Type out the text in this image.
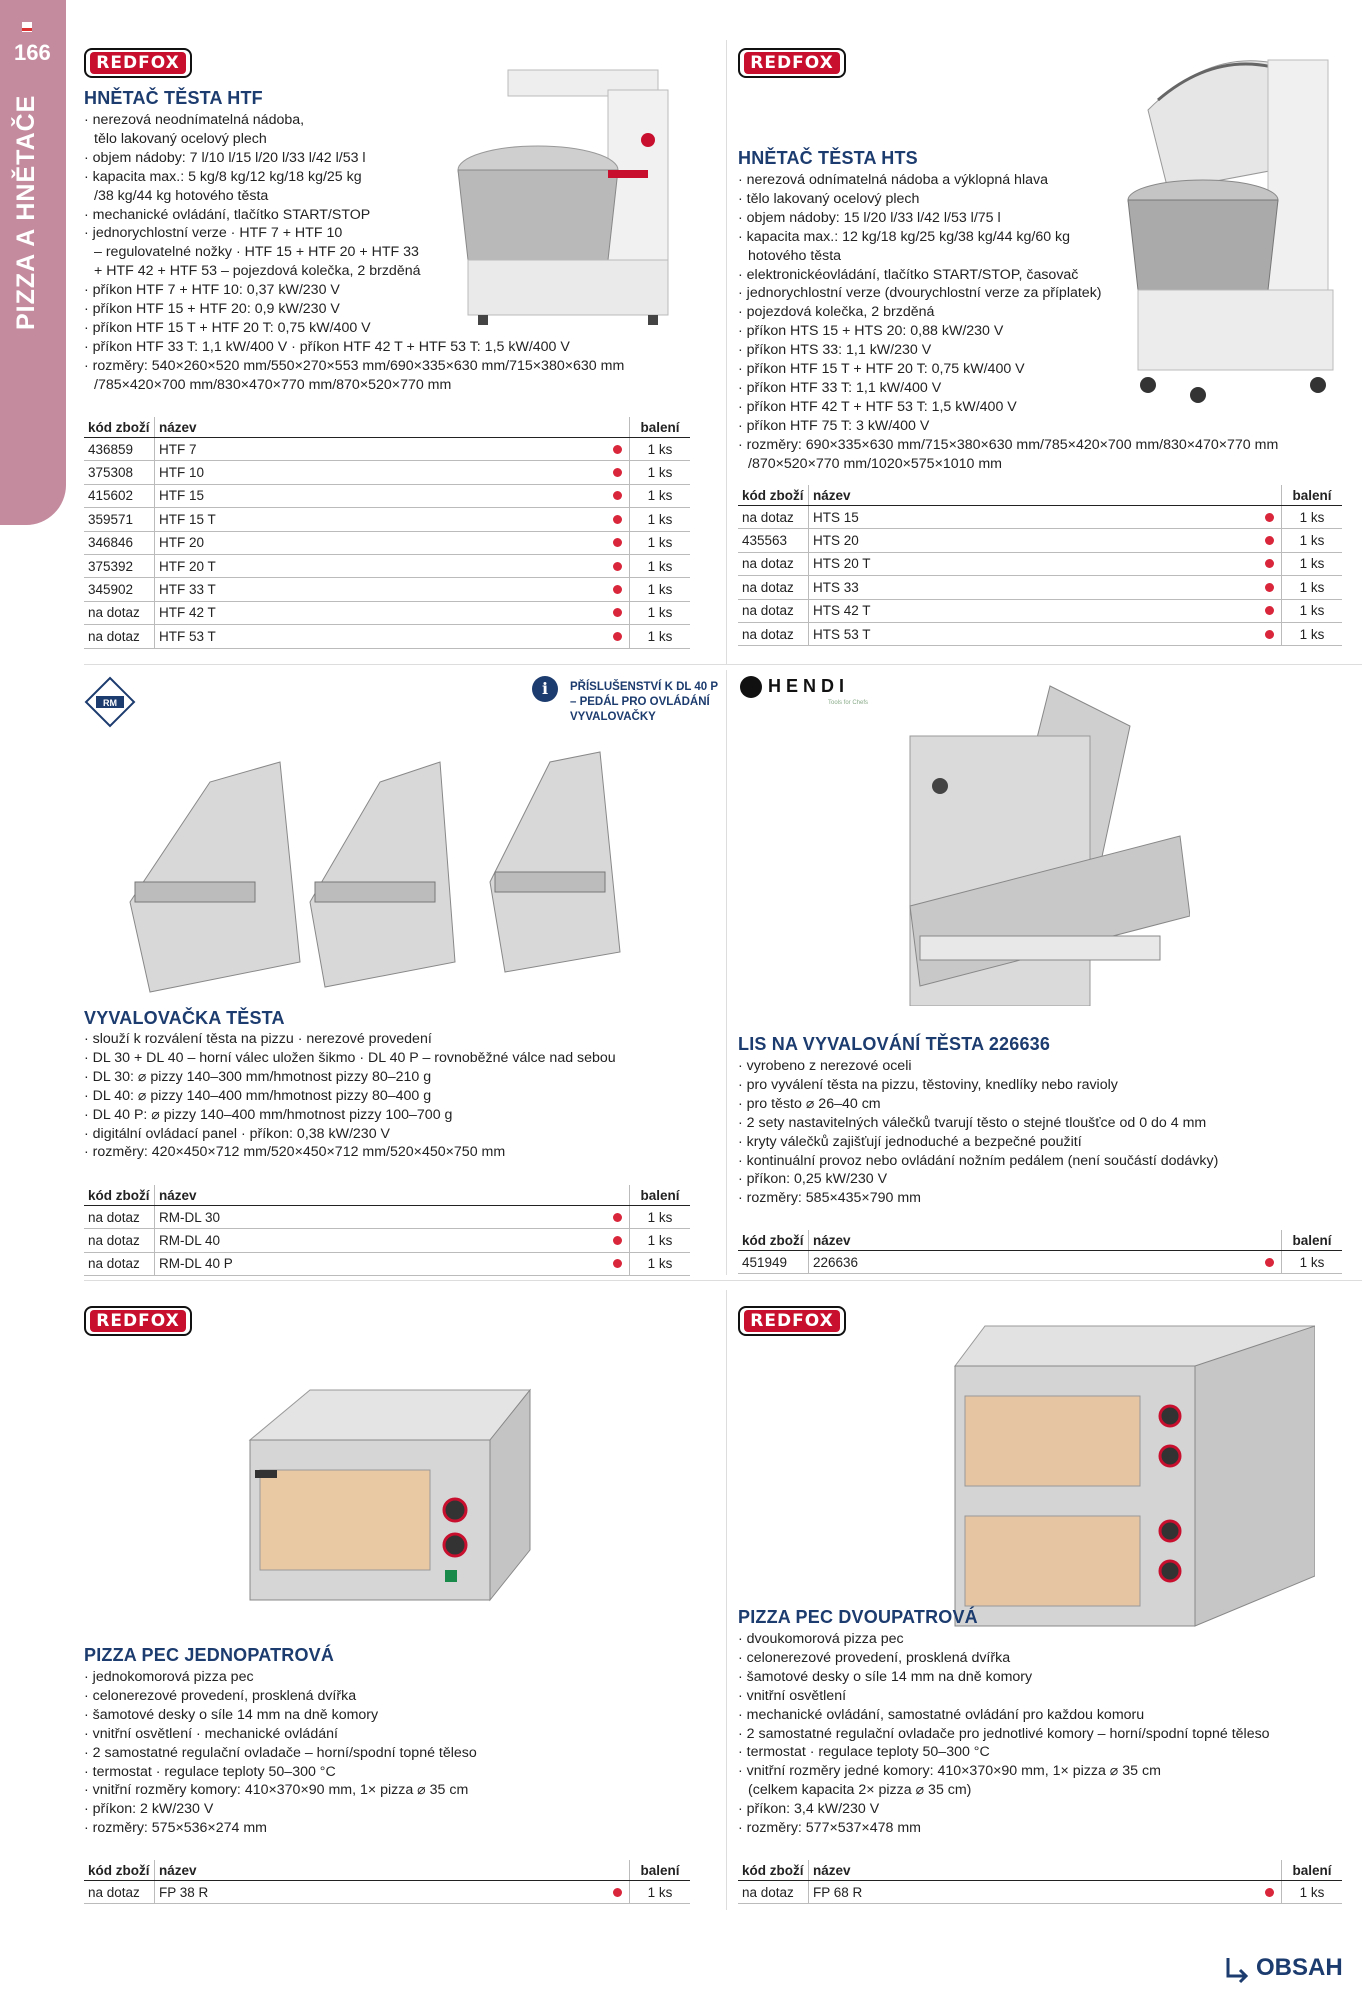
166
PIZZA A HNĚTAČE
REDFOX
HNĚTAČ TĚSTA HTF
· nerezová neodnímatelná nádoba,
tělo lakovaný ocelový plech
· objem nádoby: 7 l/10 l/15 l/20 l/33 l/42 l/53 l
· kapacita max.: 5 kg/8 kg/12 kg/18 kg/25 kg
/38 kg/44 kg hotového těsta
· mechanické ovládání, tlačítko START/STOP
· jednorychlostní verze · HTF 7 + HTF 10
– regulovatelné nožky · HTF 15 + HTF 20 + HTF 33
+ HTF 42 + HTF 53 – pojezdová kolečka, 2 brzděná
· příkon HTF 7 + HTF 10: 0,37 kW/230 V
· příkon HTF 15 + HTF 20: 0,9 kW/230 V
· příkon HTF 15 T + HTF 20 T: 0,75 kW/400 V
· příkon HTF 33 T: 1,1 kW/400 V · příkon HTF 42 T + HTF 53 T: 1,5 kW/400 V
· rozměry: 540×260×520 mm/550×270×553 mm/690×335×630 mm/715×380×630 mm
/785×420×700 mm/830×470×770 mm/870×520×770 mm
kód zboží	název		balení
436859	HTF 7		1 ks
375308	HTF 10		1 ks
415602	HTF 15		1 ks
359571	HTF 15 T		1 ks
346846	HTF 20		1 ks
375392	HTF 20 T		1 ks
345902	HTF 33 T		1 ks
na dotaz	HTF 42 T		1 ks
na dotaz	HTF 53 T		1 ks
REDFOX
HNĚTAČ TĚSTA HTS
· nerezová odnímatelná nádoba a výklopná hlava
· tělo lakovaný ocelový plech
· objem nádoby: 15 l/20 l/33 l/42 l/53 l/75 l
· kapacita max.: 12 kg/18 kg/25 kg/38 kg/44 kg/60 kg
hotového těsta
· elektronickéovládání, tlačítko START/STOP, časovač
· jednorychlostní verze (dvourychlostní verze za příplatek)
· pojezdová kolečka, 2 brzděná
· příkon HTS 15 + HTS 20: 0,88 kW/230 V
· příkon HTS 33: 1,1 kW/230 V
· příkon HTF 15 T + HTF 20 T: 0,75 kW/400 V
· příkon HTF 33 T: 1,1 kW/400 V
· příkon HTF 42 T + HTF 53 T: 1,5 kW/400 V
· příkon HTF 75 T: 3 kW/400 V
· rozměry: 690×335×630 mm/715×380×630 mm/785×420×700 mm/830×470×770 mm
/870×520×770 mm/1020×575×1010 mm
kód zboží	název		balení
na dotaz	HTS 15		1 ks
435563	HTS 20		1 ks
na dotaz	HTS 20 T		1 ks
na dotaz	HTS 33		1 ks
na dotaz	HTS 42 T		1 ks
na dotaz	HTS 53 T		1 ks
RM
i	PŘÍSLUŠENSTVÍ K DL 40 P
– PEDÁL PRO OVLÁDÁNÍ
VYVALOVAČKY
VYVALOVAČKA TĚSTA
· slouží k rozválení těsta na pizzu · nerezové provedení
· DL 30 + DL 40 – horní válec uložen šikmo · DL 40 P – rovnoběžné válce nad sebou
· DL 30: ⌀ pizzy 140–300 mm/hmotnost pizzy 80–210 g
· DL 40: ⌀ pizzy 140–400 mm/hmotnost pizzy 80–400 g
· DL 40 P: ⌀ pizzy 140–400 mm/hmotnost pizzy 100–700 g
· digitální ovládací panel · příkon: 0,38 kW/230 V
· rozměry: 420×450×712 mm/520×450×712 mm/520×450×750 mm
kód zboží	název		balení
na dotaz	RM-DL 30		1 ks
na dotaz	RM-DL 40		1 ks
na dotaz	RM-DL 40 P		1 ks
HENDI
Tools for Chefs
LIS NA VYVALOVÁNÍ TĚSTA 226636
· vyrobeno z nerezové oceli
· pro vyválení těsta na pizzu, těstoviny, knedlíky nebo ravioly
· pro těsto ⌀ 26–40 cm
· 2 sety nastavitelných válečků tvarují těsto o stejné tloušťce od 0 do 4 mm
· kryty válečků zajišťují jednoduché a bezpečné použití
· kontinuální provoz nebo ovládání nožním pedálem (není součástí dodávky)
· příkon: 0,25 kW/230 V
· rozměry: 585×435×790 mm
kód zboží	název		balení
451949	226636		1 ks
REDFOX
PIZZA PEC JEDNOPATROVÁ
· jednokomorová pizza pec
· celonerezové provedení, prosklená dvířka
· šamotové desky o síle 14 mm na dně komory
· vnitřní osvětlení · mechanické ovládání
· 2 samostatné regulační ovladače – horní/spodní topné těleso
· termostat · regulace teploty 50–300 °C
· vnitřní rozměry komory: 410×370×90 mm, 1× pizza ⌀ 35 cm
· příkon: 2 kW/230 V
· rozměry: 575×536×274 mm
kód zboží	název		balení
na dotaz	FP 38 R		1 ks
REDFOX
PIZZA PEC DVOUPATROVÁ
· dvoukomorová pizza pec
· celonerezové provedení, prosklená dvířka
· šamotové desky o síle 14 mm na dně komory
· vnitřní osvětlení
· mechanické ovládání, samostatné ovládání pro každou komoru
· 2 samostatné regulační ovladače pro jednotlivé komory – horní/spodní topné těleso
· termostat · regulace teploty 50–300 °C
· vnitřní rozměry jedné komory: 410×370×90 mm, 1× pizza ⌀ 35 cm
(celkem kapacita 2× pizza ⌀ 35 cm)
· příkon: 3,4 kW/230 V
· rozměry: 577×537×478 mm
kód zboží	název		balení
na dotaz	FP 68 R		1 ks
OBSAH
